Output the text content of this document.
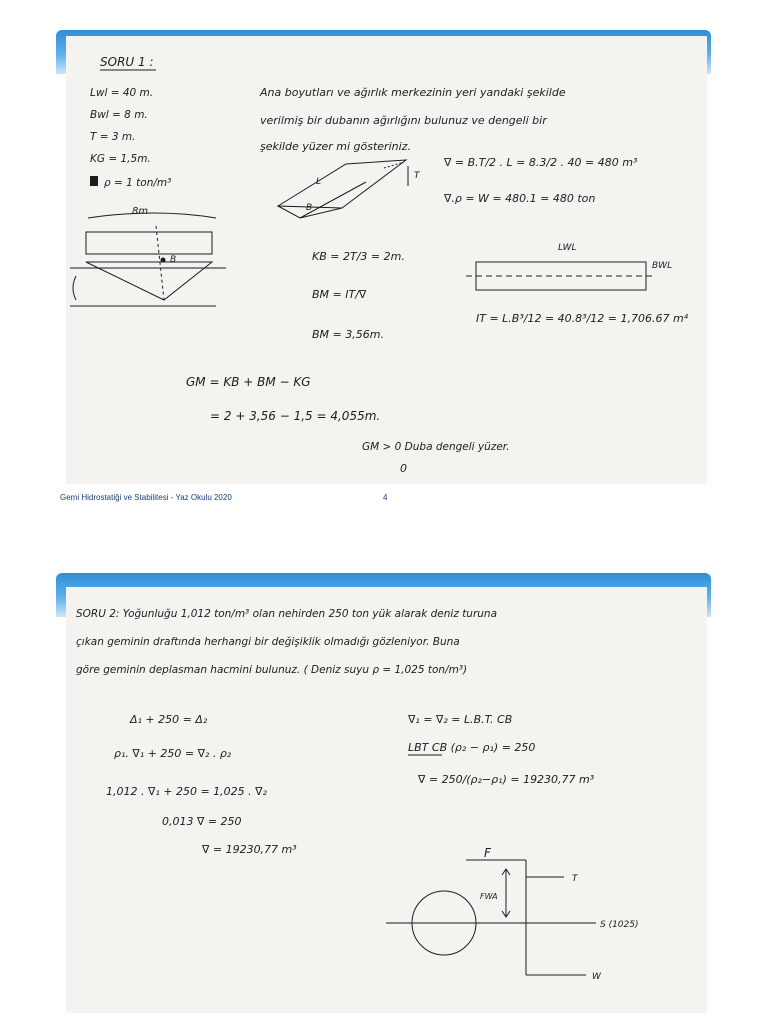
SORU 1 :
Lwl = 40 m.
Bwl = 8 m.
T = 3 m.
KG = 1,5m.
ρ = 1 ton/m³
Ana boyutları ve ağırlık merkezinin yeri yandaki şekilde
verilmiş bir dubanın ağırlığını bulunuz ve dengeli bir
şekilde yüzer mi gösteriniz.
8m
B
L
B
T
∇ = B.T/2 . L = 8.3/2 . 40 = 480 m³
∇.ρ = W = 480.1 = 480 ton
KB = 2T/3 = 2m.
BM = IT/∇
BM = 3,56m.
LWL
BWL
IT = L.B³/12 = 40.8³/12 = 1,706.67 m⁴
GM = KB + BM − KG
= 2 + 3,56 − 1,5 = 4,055m.
GM > 0 Duba dengeli yüzer.
0
Gemi Hidrostatiği ve Stabilitesi - Yaz Okulu 2020	4
SORU 2: Yoğunluğu 1,012 ton/m³ olan nehirden 250 ton yük alarak deniz turuna
çıkan geminin draftında herhangi bir değişiklik olmadığı gözleniyor. Buna
göre geminin deplasman hacmini bulunuz. ( Deniz suyu ρ = 1,025 ton/m³)
Δ₁ + 250 = Δ₂
ρ₁. ∇₁ + 250 = ∇₂ . ρ₂
1,012 . ∇₁ + 250 = 1,025 . ∇₂
0,013 ∇ = 250
∇ = 19230,77 m³
∇₁ = ∇₂ = L.B.T. CB
LBT CB (ρ₂ − ρ₁) = 250
∇ = 250/(ρ₂−ρ₁) = 19230,77 m³
F
T
S (1025)
W
FWA
